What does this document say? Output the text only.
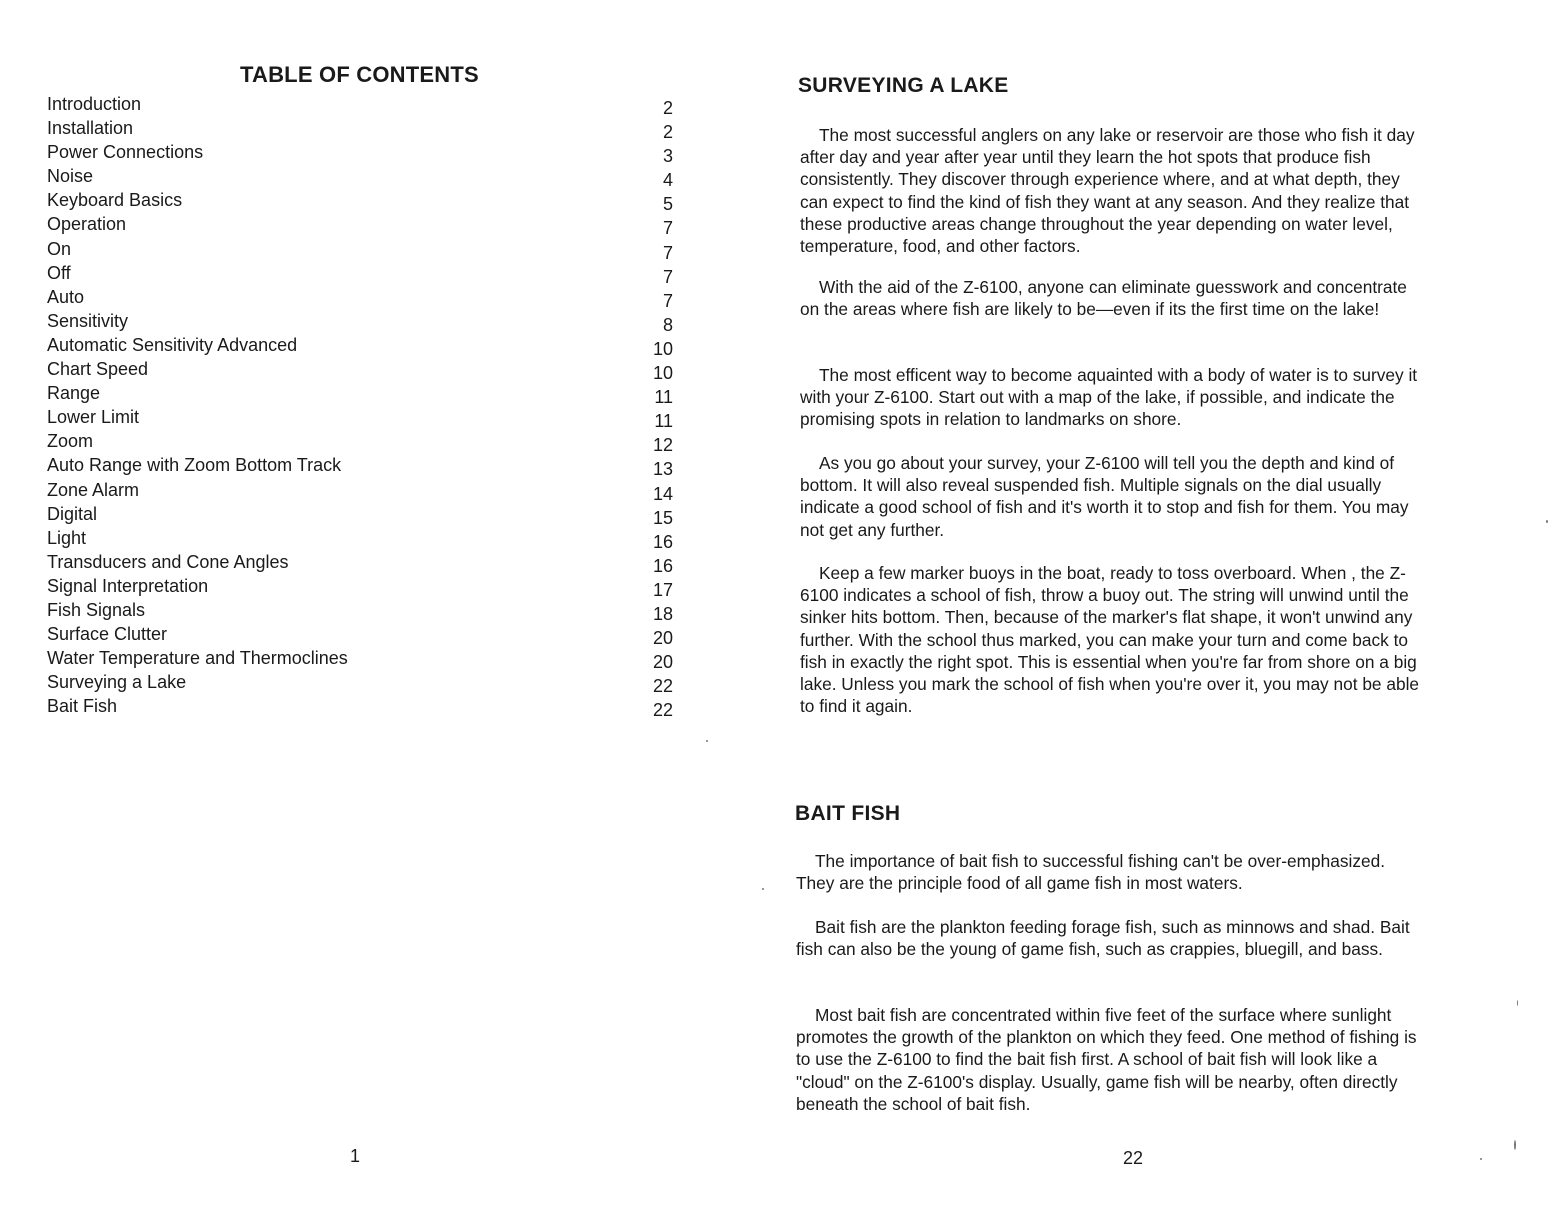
TABLE OF CONTENTS
Introduction	2
Installation	2
Power Connections	3
Noise	4
Keyboard Basics	5
Operation	7
On	7
Off	7
Auto	7
Sensitivity	8
Automatic Sensitivity Advanced	10
Chart Speed	10
Range	11
Lower Limit	11
Zoom	12
Auto Range with Zoom Bottom Track	13
Zone Alarm	14
Digital	15
Light	16
Transducers and Cone Angles	16
Signal Interpretation	17
Fish Signals	18
Surface Clutter	20
Water Temperature and Thermoclines	20
Surveying a Lake	22
Bait Fish	22
1
SURVEYING A LAKE

The most successful anglers on any lake or reservoir are those who fish it day after day and year after year until they learn the hot spots that produce fish consistently. They discover through experience where, and at what depth, they can expect to find the kind of fish they want at any season. And they realize that these productive areas change throughout the year depending on water level, temperature, food, and other factors.

With the aid of the Z-6100, anyone can eliminate guesswork and concentrate on the areas where fish are likely to be—even if its the first time on the lake!

The most efficent way to become aquainted with a body of water is to survey it with your Z-6100. Start out with a map of the lake, if possible, and indicate the promising spots in relation to landmarks on shore.

As you go about your survey, your Z-6100 will tell you the depth and kind of bottom. It will also reveal suspended fish. Multiple signals on the dial usually indicate a good school of fish and it's worth it to stop and fish for them. You may not get any further.

Keep a few marker buoys in the boat, ready to toss overboard. When , the Z-6100 indicates a school of fish, throw a buoy out. The string will unwind until the sinker hits bottom. Then, because of the marker's flat shape, it won't unwind any further. With the school thus marked, you can make your turn and come back to fish in exactly the right spot. This is essential when you're far from shore on a big lake. Unless you mark the school of fish when you're over it, you may not be able to find it again.

BAIT FISH

The importance of bait fish to successful fishing can't be over-emphasized. They are the principle food of all game fish in most waters.

Bait fish are the plankton feeding forage fish, such as minnows and shad. Bait fish can also be the young of game fish, such as crappies, bluegill, and bass.

Most bait fish are concentrated within five feet of the surface where sunlight promotes the growth of the plankton on which they feed. One method of fishing is to use the Z-6100 to find the bait fish first. A school of bait fish will look like a "cloud" on the Z-6100's display. Usually, game fish will be nearby, often directly beneath the school of bait fish.

22
